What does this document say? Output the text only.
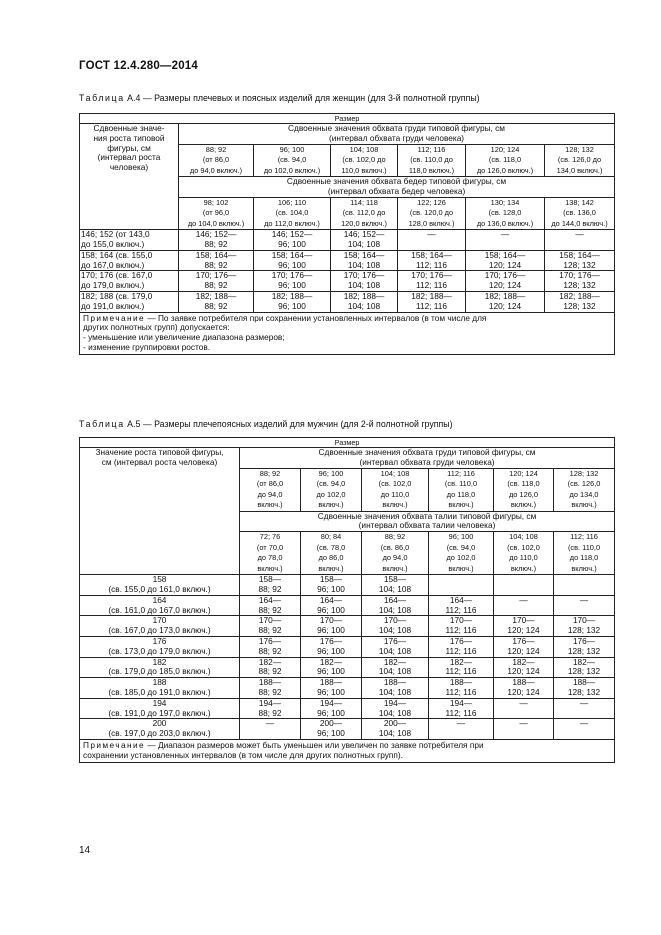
ГОСТ 12.4.280—2014
Таблица А.4 — Размеры плечевых и поясных изделий для женщин (для 3-й полнотной группы)
Размер						

Сдвоенные значе-
ния роста типовой
фигуры, см
(интервал роста
человека)	Сдвоенные значения обхвата груди типовой фигуры, см
(интервал обхвата груди человека)					

	88; 92
(от 86,0
до 94,0 включ.)	96; 100
(св. 94,0
до 102,0 включ.)	104; 108
(св. 102,0 до
110,0 включ.)	112; 116
(св. 110,0 до
118,0 включ.)	120; 124
(св. 118,0
до 126,0 включ.)	128; 132
(св. 126,0 до
134,0 включ.)

	Сдвоенные значения обхвата бедер типовой фигуры, см
(интервал обхвата бедер человека)					

	98; 102
(от 96,0
до 104,0 включ.)	106; 110
(св. 104,0
до 112,0 включ.)	114; 118
(св. 112,0 до
120,0 включ.)	122; 126
(св. 120,0 до
128,0 включ.)	130; 134
(св. 128,0
до 136,0 включ.)	138; 142
(св. 136,0
до 144,0 включ.)

146; 152 (от 143,0
до 155,0 включ.)	146; 152—
88; 92	146; 152—
96; 100	146; 152—
104; 108	—	—	—

158; 164 (св. 155,0
до 167,0 включ.)	158; 164—
88; 92	158; 164—
96; 100	158; 164—
104; 108	158; 164—
112; 116	158; 164—
120; 124	158; 164—
128; 132

170; 176 (св. 167,0
до 179,0 включ.)	170; 176—
88; 92	170; 176—
96; 100	170; 176—
104; 108	170; 176—
112; 116	170; 176—
120; 124	170; 176—
128; 132

182; 188 (св. 179,0
до 191,0 включ.)	182; 188—
88; 92	182; 188—
96; 100	182; 188—
104; 108	182; 188—
112; 116	182; 188—
120; 124	182; 188—
128; 132

Примечание — По заявке потребителя при сохранении установленных интервалов (в том числе для
других полнотных групп) допускается:
- уменьшение или увеличение диапазона размеров;
- изменение группировки ростов.						
Таблица А.5 — Размеры плечепоясных изделий для мужчин (для 2-й полнотной группы)
Размер						

Значение роста типовой фигуры,
см (интервал роста человека)	Сдвоенные значения обхвата груди типовой фигуры, см
(интервал обхвата груди человека)					

	88; 92
(от 86,0
до 94,0
включ.)	96; 100
(св. 94,0
до 102,0
включ.)	104; 108
(св. 102,0
до 110,0
включ.)	112; 116
(св. 110,0
до 118,0
включ.)	120; 124
(св. 118,0
до 126,0
включ.)	128; 132
(св. 126,0
до 134,0
включ.)

	Сдвоенные значения обхвата талии типовой фигуры, см
(интервал обхвата талии человека)					

	72; 76
(от 70,0
до 78,0
включ.)	80; 84
(св. 78,0
до 86,0
включ.)	88; 92
(св. 86,0
до 94,0
включ.)	96; 100
(св. 94,0
до 102,0
включ.)	104; 108
(св. 102,0
до 110,0
включ.)	112; 116
(св. 110,0
до 118,0
включ.)

158
(св. 155,0 до 161,0 включ.)	158—
88; 92	158—
96; 100	158—
104; 108			

164
(св. 161,0 до 167,0 включ.)	164—
88; 92	164—
96; 100	164—
104; 108	164—
112; 116	—	—

170
(св. 167,0 до 173,0 включ.)	170—
88; 92	170—
96; 100	170—
104; 108	170—
112; 116	170—
120; 124	170—
128; 132

176
(св. 173,0 до 179,0 включ.)	176—
88; 92	176—
96; 100	176—
104; 108	176—
112; 116	176—
120; 124	176—
128; 132

182
(св. 179,0 до 185,0 включ.)	182—
88; 92	182—
96; 100	182—
104; 108	182—
112; 116	182—
120; 124	182—
128; 132

188
(св. 185,0 до 191,0 включ.)	188—
88; 92	188—
96; 100	188—
104; 108	188—
112; 116	188—
120; 124	188—
128; 132

194
(св. 191,0 до 197,0 включ.)	194—
88; 92	194—
96; 100	194—
104; 108	194—
112; 116	—	—

200
(св. 197,0 до 203,0 включ.)	—	200—
96; 100	200—
104; 108	—	—	—

Примечание — Диапазон размеров может быть уменьшен или увеличен по заявке потребителя при
сохранении установленных интервалов (в том числе для других полнотных групп).						
14
